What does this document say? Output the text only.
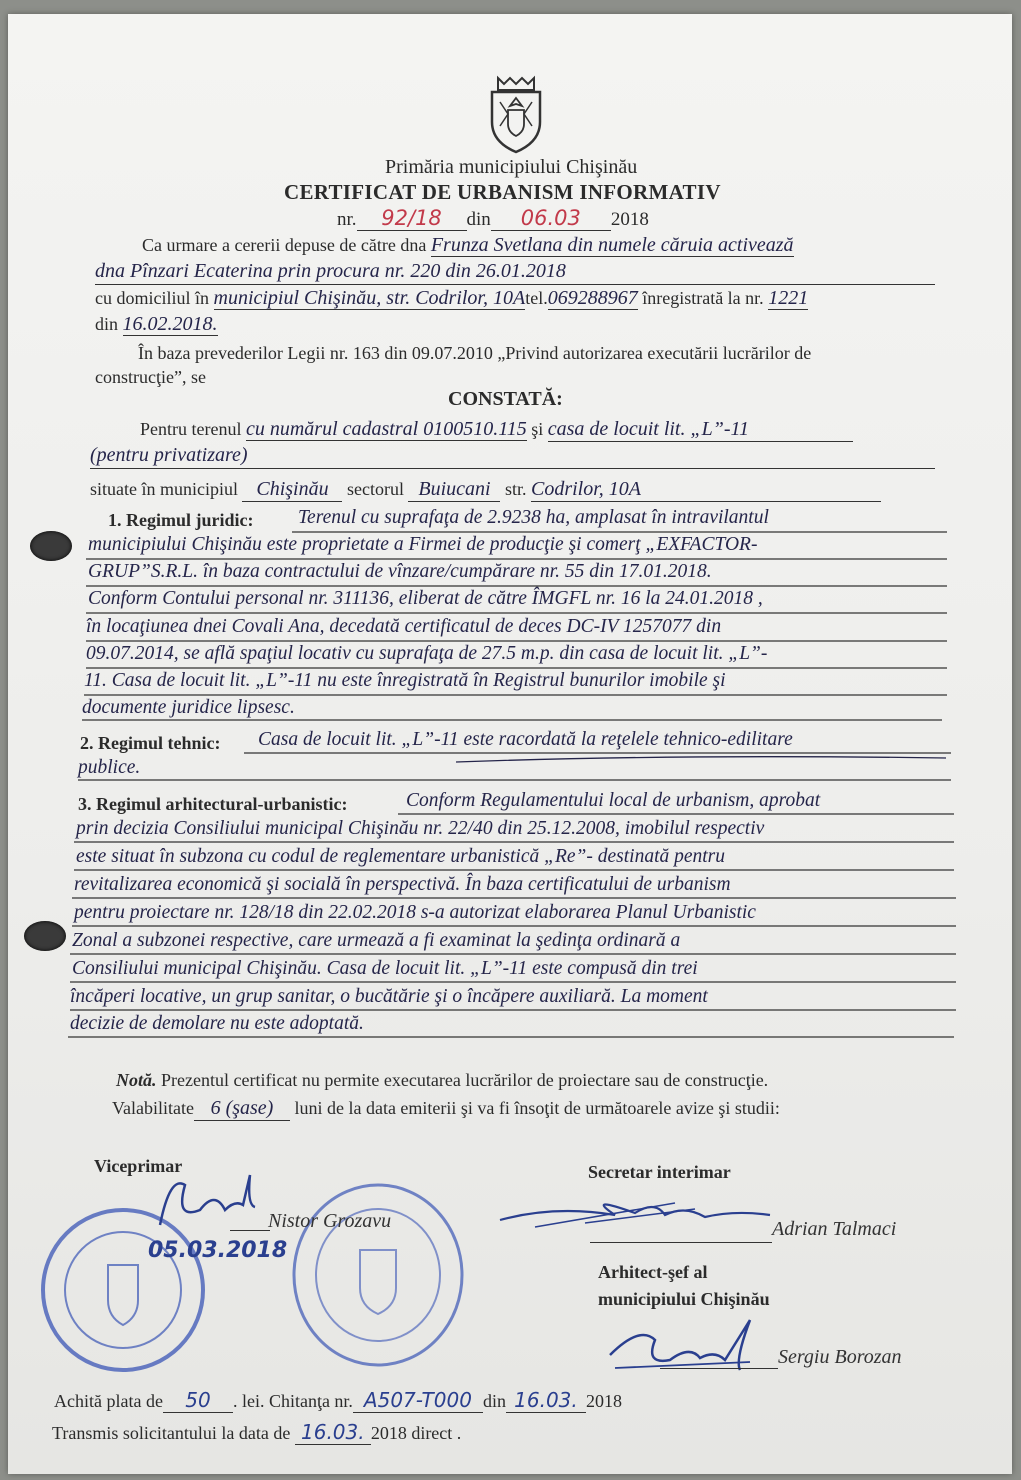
Primăria municipiului Chişinău
CERTIFICAT DE URBANISM INFORMATIV
nr. 92/18 din 06.03 2018
Ca urmare a cererii depuse de către dna Frunza Svetlana din numele căruia activează
dna Pînzari Ecaterina prin procura nr. 220 din 26.01.2018
cu domiciliul în municipiul Chişinău, str. Codrilor, 10Atel.069288967 înregistrată la nr. 1221
din 16.02.2018.
În baza prevederilor Legii nr. 163 din 09.07.2010 „Privind autorizarea executării lucrărilor de
construcţie”, se
CONSTATĂ:
Pentru terenul cu numărul cadastral 0100510.115 şi casa de locuit lit. „L”-11
(pentru privatizare)
situate în municipiul Chişinău sectorul Buiucani str. Codrilor, 10A
1. Regimul juridic: Terenul cu suprafaţa de 2.9238 ha, amplasat în intravilantul
municipiului Chişinău este proprietate a Firmei de producţie şi comerţ „EXFACTOR-
GRUP”S.R.L. în baza contractului de vînzare/cumpărare nr. 55 din 17.01.2018.
Conform Contului personal nr. 311136, eliberat de către ÎMGFL nr. 16 la 24.01.2018 ,
în locaţiunea dnei Covali Ana, decedată certificatul de deces DC-IV 1257077 din
09.07.2014, se află spaţiul locativ cu suprafaţa de 27.5 m.p. din casa de locuit lit. „L”-
11. Casa de locuit lit. „L”-11 nu este înregistrată în Registrul bunurilor imobile şi
documente juridice lipsesc.
2. Regimul tehnic: Casa de locuit lit. „L”-11 este racordată la reţelele tehnico-edilitare
publice.
3. Regimul arhitectural-urbanistic:	Conform Regulamentului local de urbanism, aprobat
prin decizia Consiliului municipal Chişinău nr. 22/40 din 25.12.2008, imobilul respectiv
este situat în subzona cu codul de reglementare urbanistică „Re”- destinată pentru
revitalizarea economică şi socială în perspectivă. În baza certificatului de urbanism
pentru proiectare nr. 128/18 din 22.02.2018 s-a autorizat elaborarea Planul Urbanistic
Zonal a subzonei respective, care urmează a fi examinat la şedinţa ordinară a
Consiliului municipal Chişinău. Casa de locuit lit. „L”-11 este compusă din trei
încăperi locative, un grup sanitar, o bucătărie şi o încăpere auxiliară. La moment
decizie de demolare nu este adoptată.
Notă. Prezentul certificat nu permite executarea lucrărilor de proiectare sau de construcţie.
Valabilitate 6 (şase) luni de la data emiterii şi va fi însoţit de următoarele avize şi studii:
Viceprimar
05.03.2018
Nistor Grozavu
Secretar interimar
Adrian Talmaci
Arhitect-şef al
municipiului Chişinău
Sergiu Borozan
Achită plata de 50 . lei. Chitanţa nr. A507-T000 din 16.03. 2018
Transmis solicitantului la data de 16.03. 2018 direct .
